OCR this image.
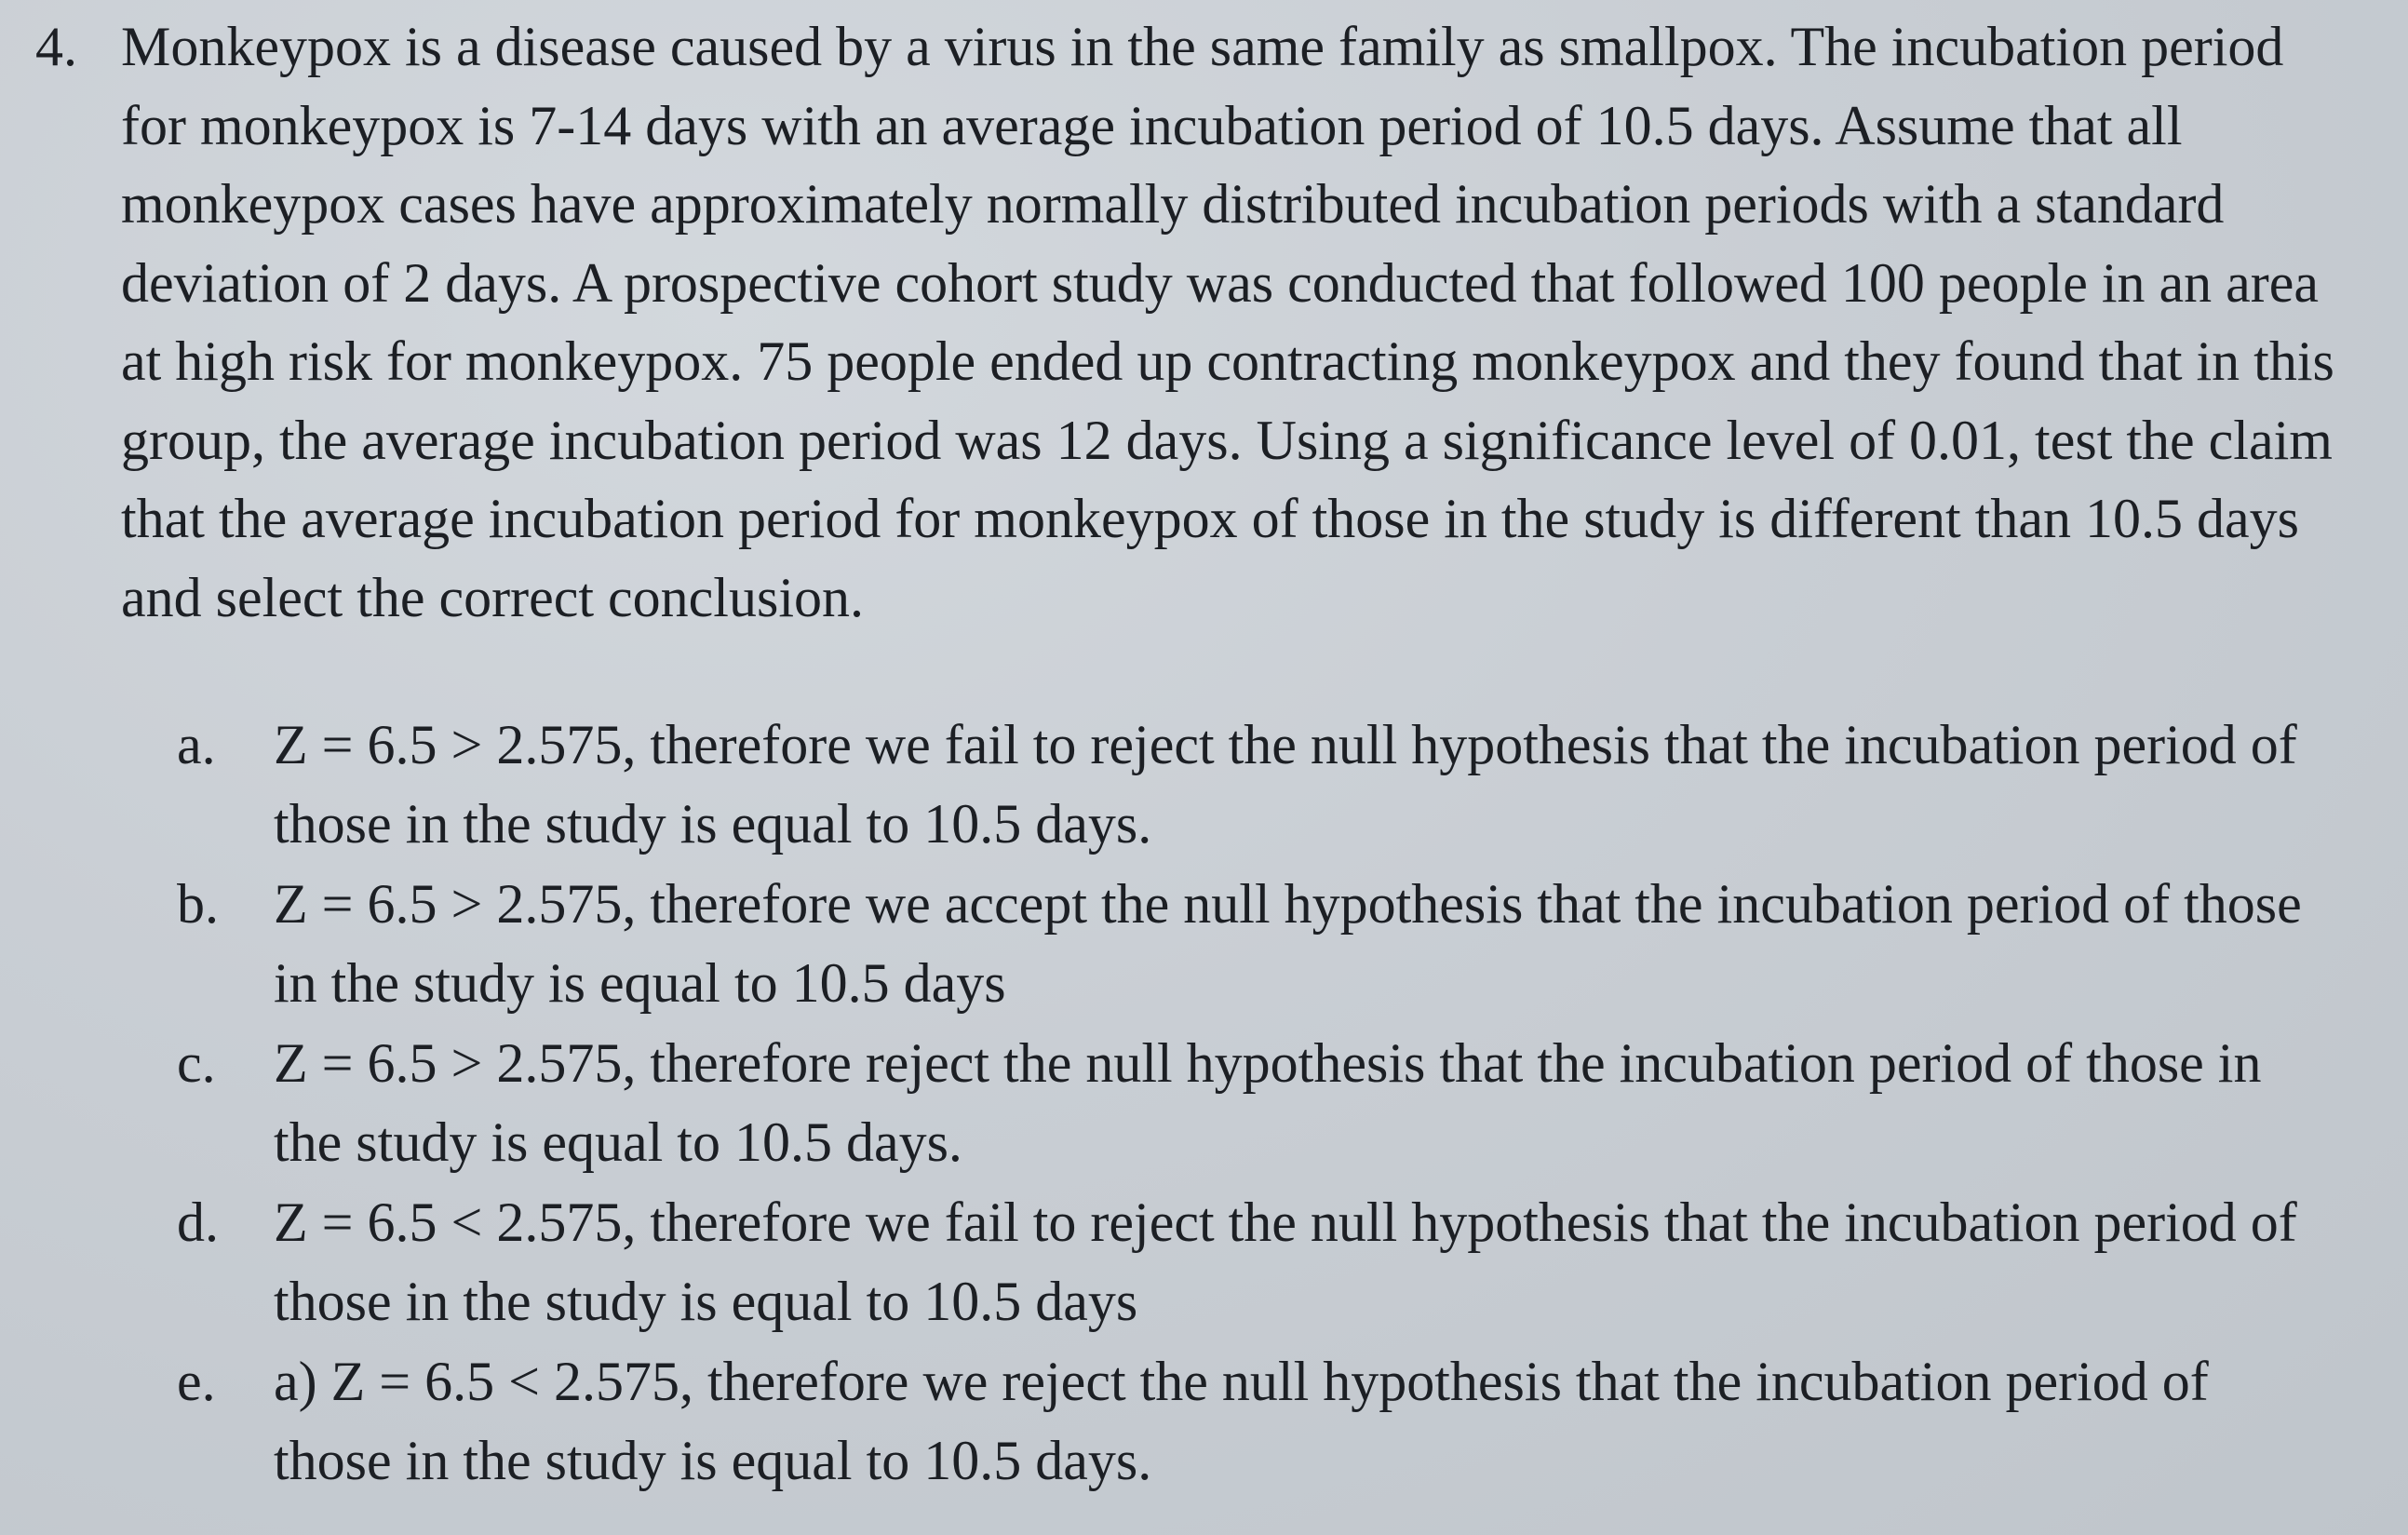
4. Monkeypox is a disease caused by a virus in the same family as smallpox. The incubation period for monkeypox is 7-14 days with an average incubation period of 10.5 days. Assume that all monkeypox cases have approximately normally distributed incubation periods with a standard deviation of 2 days. A prospective cohort study was conducted that followed 100 people in an area at high risk for monkeypox. 75 people ended up contracting monkeypox and they found that in this group, the average incubation period was 12 days. Using a significance level of 0.01, test the claim that the average incubation period for monkeypox of those in the study is different than 10.5 days and select the correct conclusion.
a.	Z = 6.5 > 2.575, therefore we fail to reject the null hypothesis that the incubation period of those in the study is equal to 10.5 days.
b. Z = 6.5 > 2.575, therefore we accept the null hypothesis that the incubation period of those in the study is equal to 10.5 days
c.	Z = 6.5 > 2.575, therefore reject the null hypothesis that the incubation period of those in the study is equal to 10.5 days.
d. Z = 6.5 < 2.575, therefore we fail to reject the null hypothesis that the incubation period of those in the study is equal to 10.5 days
e.	a) Z = 6.5 < 2.575, therefore we reject the null hypothesis that the incubation period of those in the study is equal to 10.5 days.
